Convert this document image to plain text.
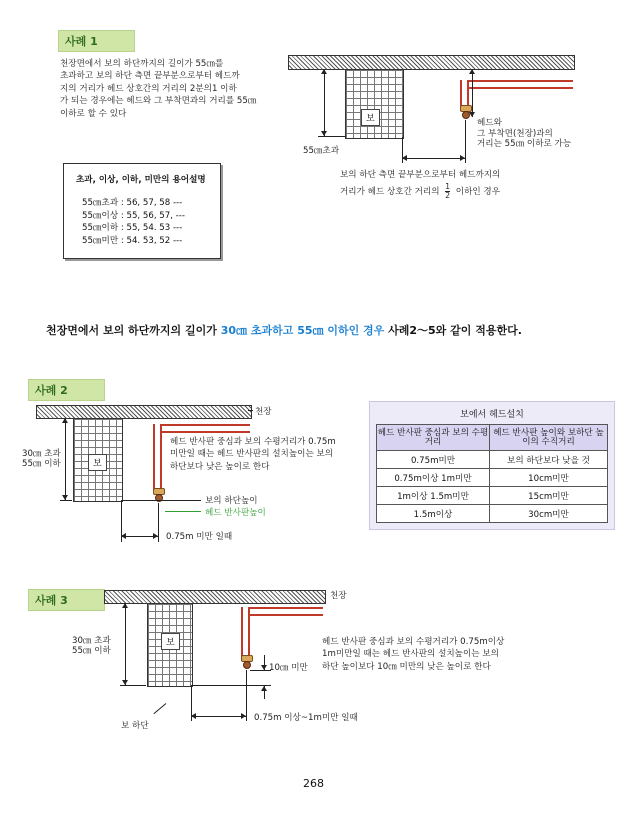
사례 1
천장면에서 보의 하단까지의 길이가 55㎝를
초과하고 보의 하단 측면 끝부분으로부터 헤드까
지의 거리가 헤드 상호간의 거리의 2분의1 이하
가 되는 경우에는 헤드와 그 부착면과의 거리를 55㎝
이하로 할 수 있다
초과, 이상, 이하, 미만의 용어설명
55㎝초과 : 56, 57, 58 ---
55㎝이상 : 55, 56, 57, ---
55㎝이하 : 55, 54. 53 ---
55㎝미만 : 54. 53, 52 ---
보
55㎝초과
헤드와
그 부착면(천장)과의
거리는 55㎝ 이하로 가능
보의 하단 측면 끝부분으로부터 헤드까지의
거리가 헤드 상호간 거리의 $\frac{1}{2}$ 이하인 경우
천장면에서 보의 하단까지의 길이가 30㎝ 초과하고 55㎝ 이하인 경우 사례2～5와 같이 적용한다.
사례 2
천장
보
30㎝ 초과
55㎝ 이하
헤드 반사판 중심과 보의 수평거리가 0.75m
미만일 때는 헤드 반사판의 설치높이는 보의
하단보다 낮은 높이로 한다
보의 하단높이
헤드 반사판높이
0.75m 미만 일때
보에서 헤드설치
헤드 반사판 중심과 보의 수평거리	헤드 반사판 높이와 보하단 높이의 수직거리
0.75m미만	보의 하단보다 낮을 것
0.75m이상 1m미만	10cm미만
1m이상 1.5m미만	15cm미만
1.5m이상	30cm미만
사례 3	천장
보
30㎝ 초과
55㎝ 이하
10㎝ 미만
헤드 반사판 중심과 보의 수평거리가 0.75m이상
1m미만일 때는 헤드 반사판의 설치높이는 보의
하단 높이보다 10㎝ 미만의 낮은 높이로 한다
0.75m 이상~1m미만 일때
보 하단
268
